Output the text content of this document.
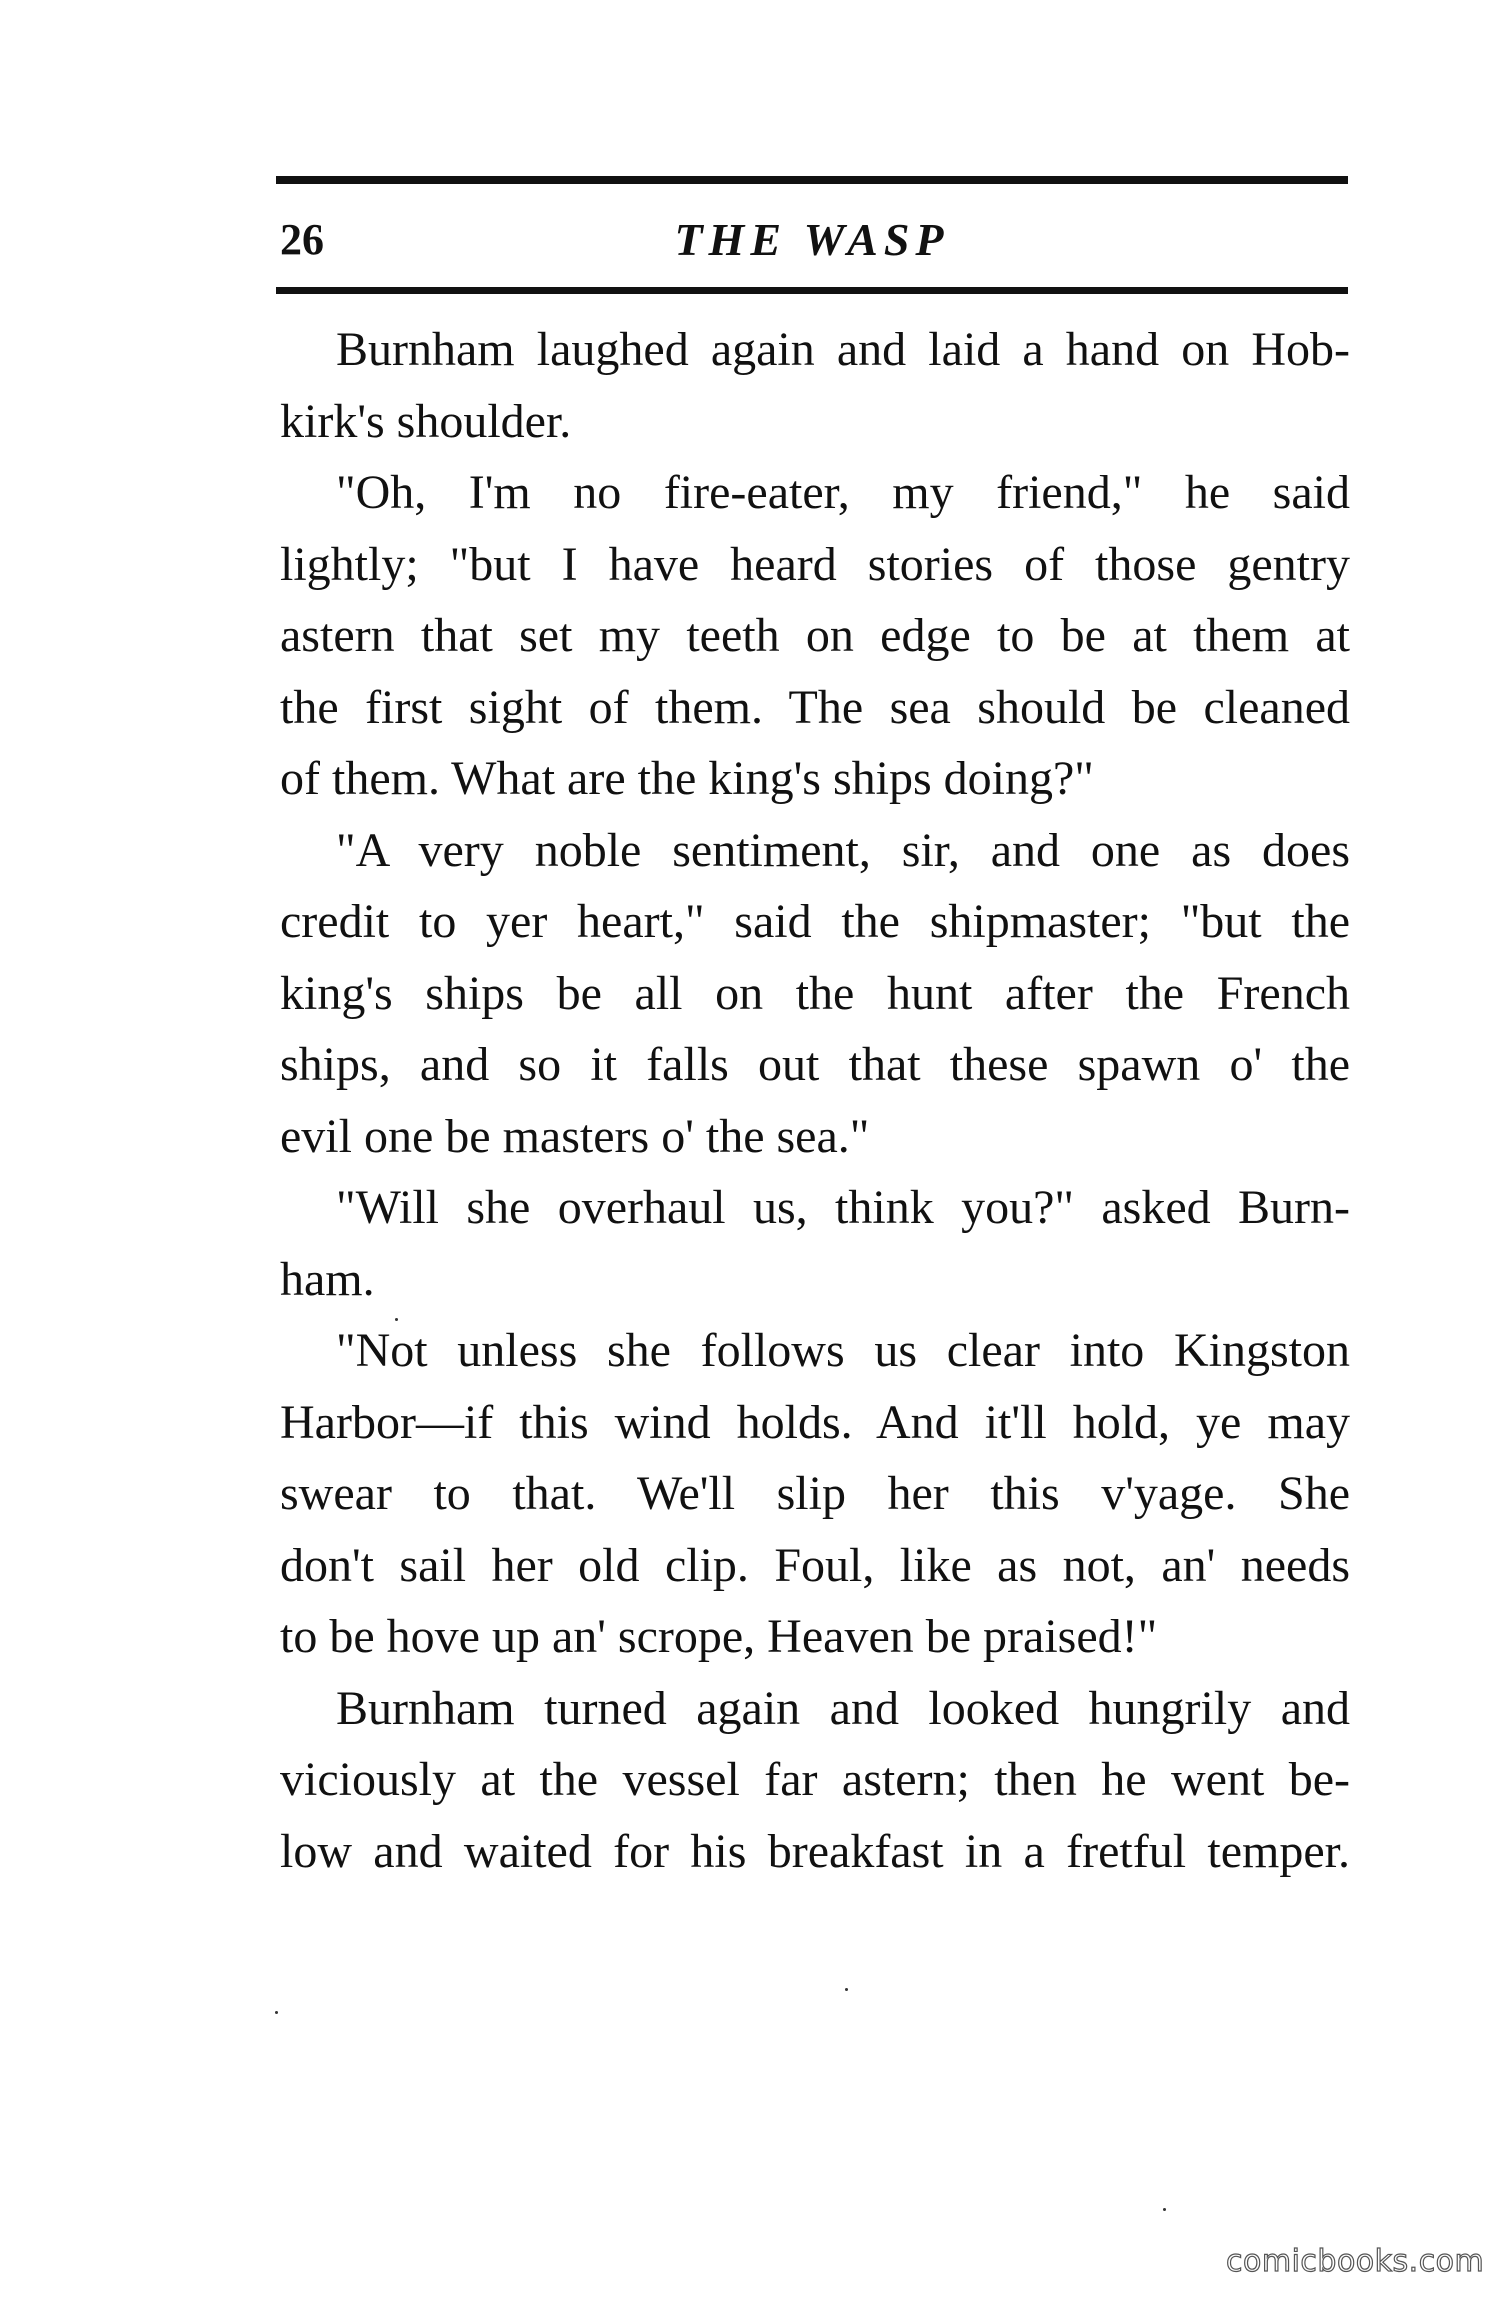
26	THE WASP
Burnham laughed again and laid a hand on Hob-
kirk's shoulder.
"Oh, I'm no fire-eater, my friend," he said
lightly; "but I have heard stories of those gentry
astern that set my teeth on edge to be at them at
the first sight of them. The sea should be cleaned
of them. What are the king's ships doing?"
"A very noble sentiment, sir, and one as does
credit to yer heart," said the shipmaster; "but the
king's ships be all on the hunt after the French
ships, and so it falls out that these spawn o' the
evil one be masters o' the sea."
"Will she overhaul us, think you?" asked Burn-
ham.
"Not unless she follows us clear into Kingston
Harbor—if this wind holds. And it'll hold, ye may
swear to that. We'll slip her this v'yage. She
don't sail her old clip. Foul, like as not, an' needs
to be hove up an' scrope, Heaven be praised!"
Burnham turned again and looked hungrily and
viciously at the vessel far astern; then he went be-
low and waited for his breakfast in a fretful temper.
comicbooks.com
